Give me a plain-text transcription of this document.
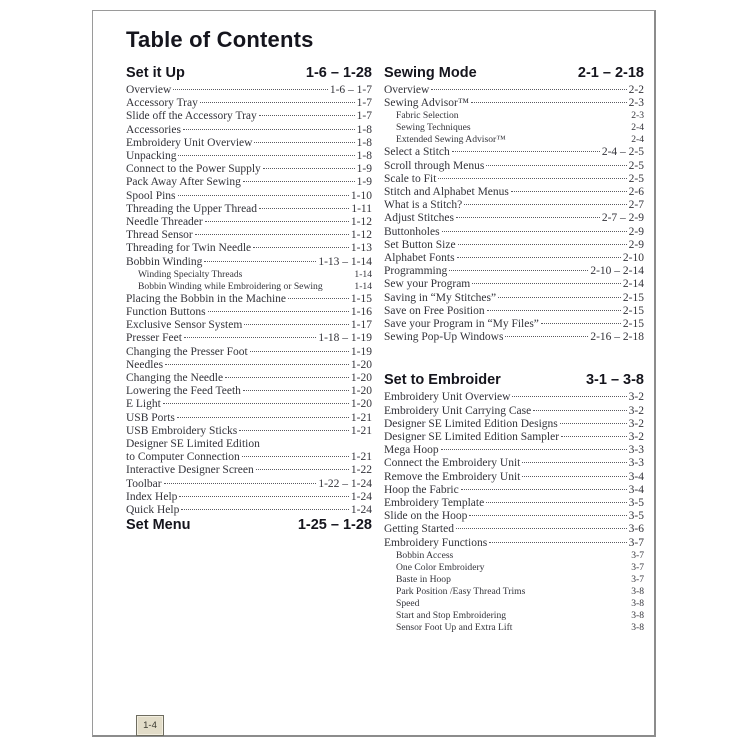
Table of Contents
Set it Up	1-6 – 1-28
Overview	1-6 – 1-7
Accessory Tray	1-7
Slide off the Accessory Tray	1-7
Accessories	1-8
Embroidery Unit Overview	1-8
Unpacking	1-8
Connect to the Power Supply	1-9
Pack Away After Sewing	1-9
Spool Pins	1-10
Threading the Upper Thread	1-11
Needle Threader	1-12
Thread Sensor	1-12
Threading for Twin Needle	1-13
Bobbin Winding	1-13 – 1-14
Winding Specialty Threads	1-14
Bobbin Winding while Embroidering or Sewing	1-14
Placing the Bobbin in the Machine	1-15
Function Buttons	1-16
Exclusive Sensor System	1-17
Presser Feet	1-18 – 1-19
Changing the Presser Foot	1-19
Needles	1-20
Changing the Needle	1-20
Lowering the Feed Teeth	1-20
E Light	1-20
USB Ports	1-21
USB Embroidery Sticks	1-21
Designer SE Limited Edition
to Computer Connection	1-21
Interactive Designer Screen	1-22
Toolbar	1-22 – 1-24
Index Help	1-24
Quick Help	1-24
Set Menu	1-25 – 1-28
Sewing Mode	2-1 – 2-18
Overview	2-2
Sewing Advisor™	2-3
Fabric Selection	2-3
Sewing Techniques	2-4
Extended Sewing Advisor™	2-4
Select a Stitch	2-4 – 2-5
Scroll through Menus	2-5
Scale to Fit	2-5
Stitch and Alphabet Menus	2-6
What is a Stitch?	2-7
Adjust Stitches	2-7 – 2-9
Buttonholes	2-9
Set Button Size	2-9
Alphabet Fonts	2-10
Programming	2-10 – 2-14
Sew your Program	2-14
Saving in “My Stitches”	2-15
Save on Free Position	2-15
Save your Program in “My Files”	2-15
Sewing Pop-Up Windows	2-16 – 2-18
Set to Embroider	3-1 – 3-8
Embroidery Unit Overview	3-2
Embroidery Unit Carrying Case	3-2
Designer SE Limited Edition Designs	3-2
Designer SE Limited Edition Sampler	3-2
Mega Hoop	3-3
Connect the Embroidery Unit	3-3
Remove the Embroidery Unit	3-4
Hoop the Fabric	3-4
Embroidery Template	3-5
Slide on the Hoop	3-5
Getting Started	3-6
Embroidery Functions	3-7
Bobbin Access	3-7
One Color Embroidery	3-7
Baste in Hoop	3-7
Park Position /Easy Thread Trims	3-8
Speed	3-8
Start and Stop Embroidering	3-8
Sensor Foot Up and Extra Lift	3-8
1-4
